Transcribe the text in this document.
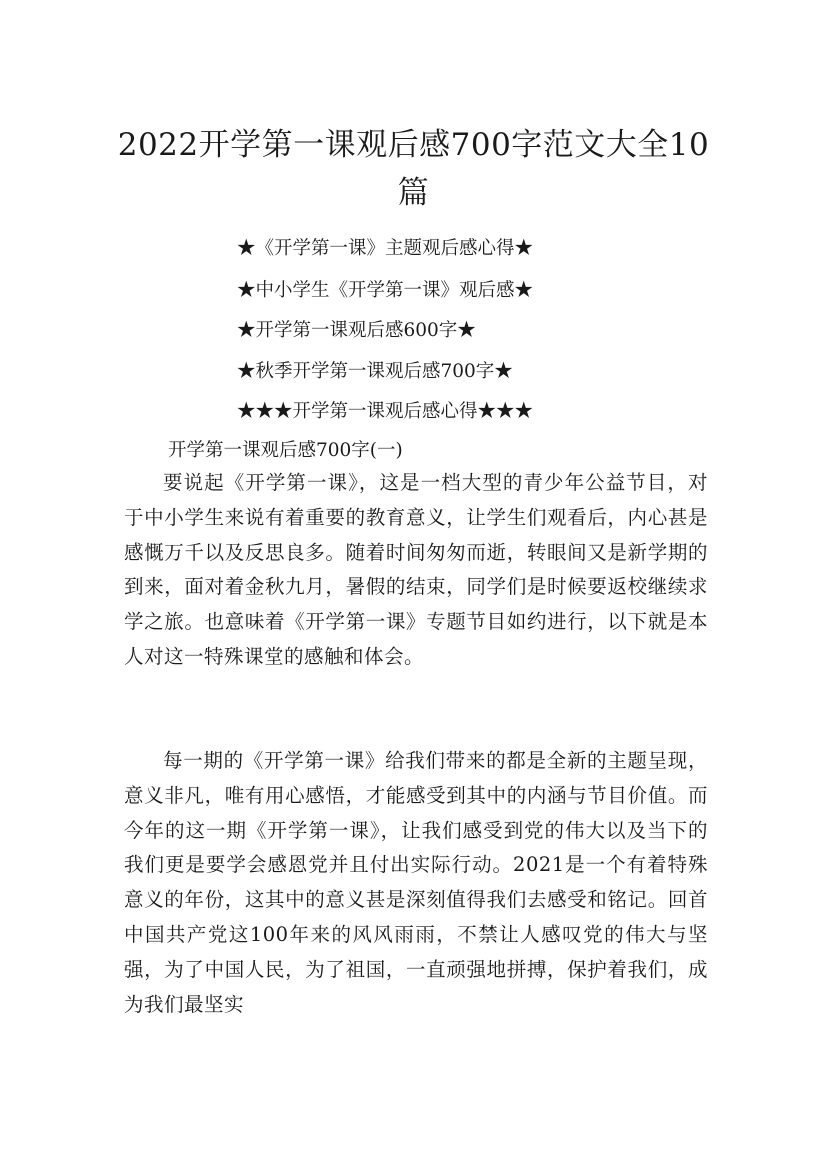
2022开学第一课观后感700字范文大全10篇
★《开学第一课》主题观后感心得★
★中小学生《开学第一课》观后感★
★开学第一课观后感600字★
★秋季开学第一课观后感700字★
★★★开学第一课观后感心得★★★
开学第一课观后感700字(一)

要说起《开学第一课》，这是一档大型的青少年公益节目，对于中小学生来说有着重要的教育意义，让学生们观看后，内心甚是感慨万千以及反思良多。随着时间匆匆而逝，转眼间又是新学期的到来，面对着金秋九月，暑假的结束，同学们是时候要返校继续求学之旅。也意味着《开学第一课》专题节目如约进行，以下就是本人对这一特殊课堂的感触和体会。

每一期的《开学第一课》给我们带来的都是全新的主题呈现，意义非凡，唯有用心感悟，才能感受到其中的内涵与节目价值。而今年的这一期《开学第一课》，让我们感受到党的伟大以及当下的我们更是要学会感恩党并且付出实际行动。2021是一个有着特殊意义的年份，这其中的意义甚是深刻值得我们去感受和铭记。回首中国共产党这100年来的风风雨雨，不禁让人感叹党的伟大与坚强，为了中国人民，为了祖国，一直顽强地拼搏，保护着我们，成为我们最坚实
